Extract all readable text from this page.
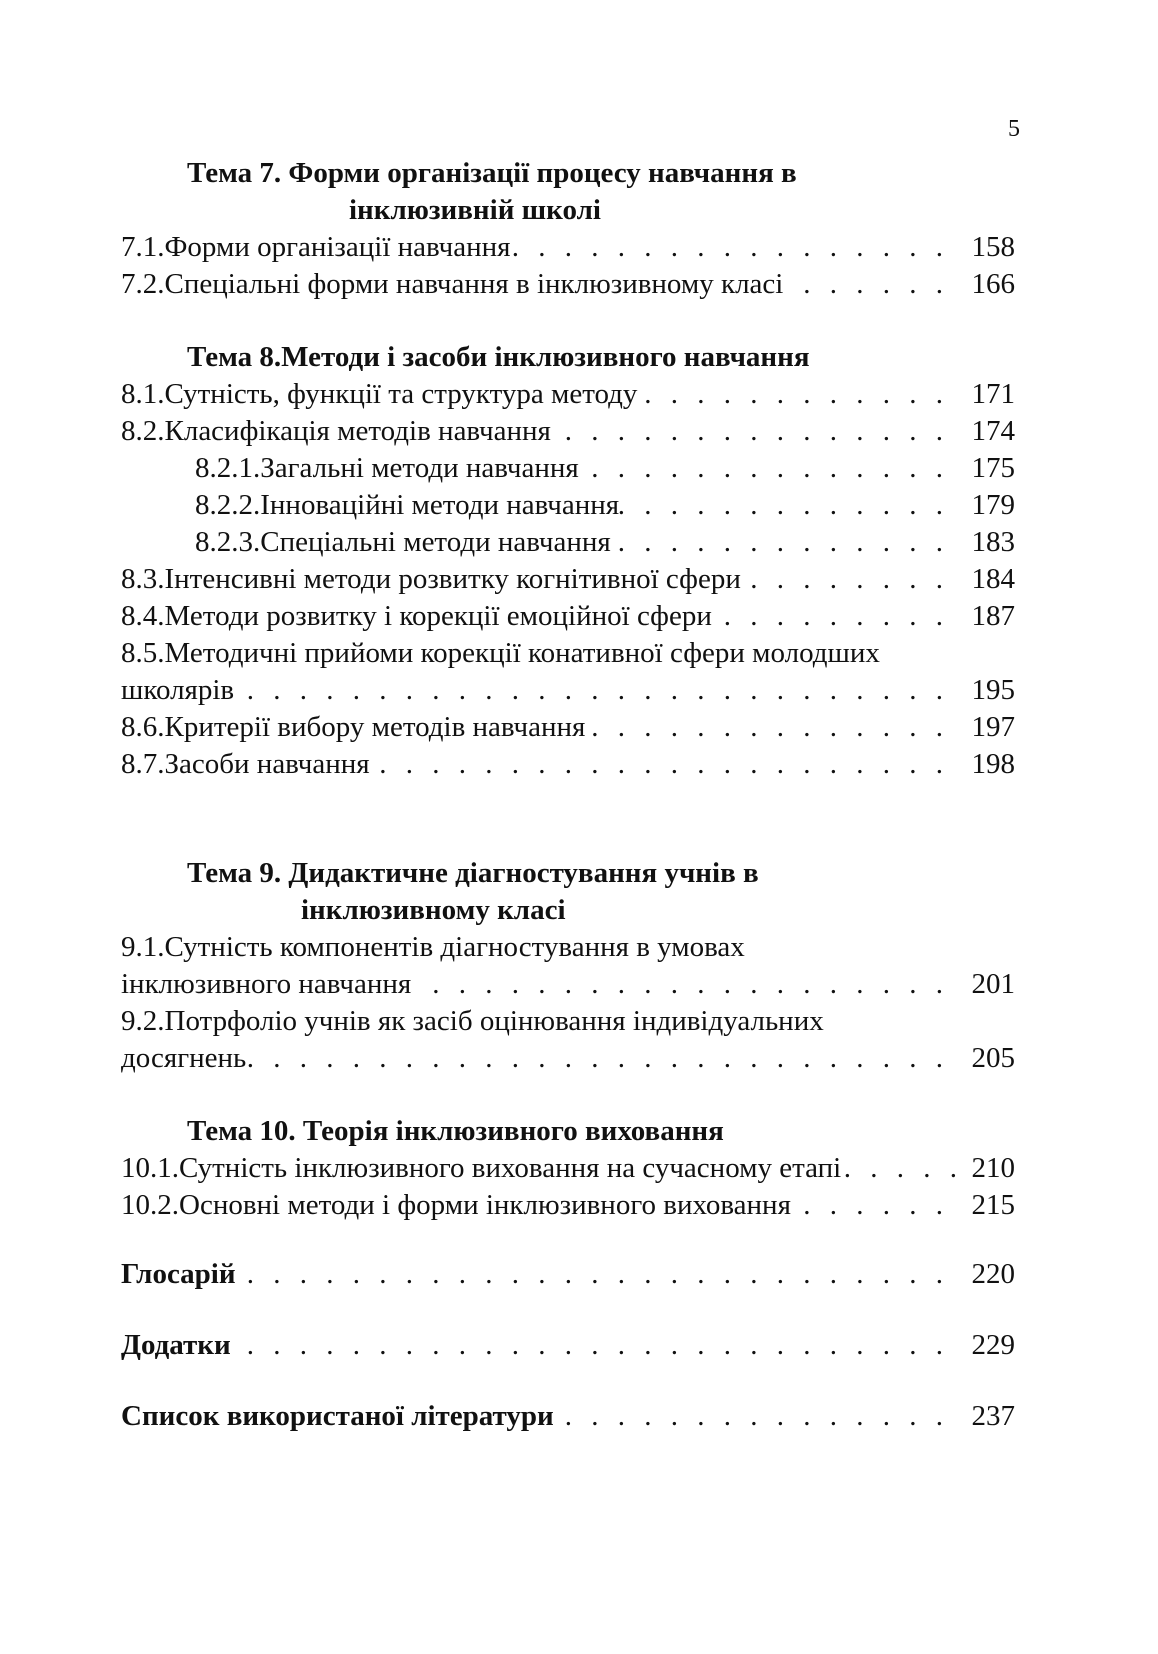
5
Тема 7. Форми організації процесу навчання в
інклюзивній школі
7.1.Форми організації навчання . . .	158
7.2.Спеціальні форми навчання в інклюзивному класі . . .	166
Тема 8.Методи і засоби інклюзивного навчання
8.1.Сутність, функції та структура методу . . .	171
8.2.Класифікація методів навчання . . .	174
8.2.1.Загальні методи навчання . . .	175
8.2.2.Інноваційні методи навчання . . .	179
8.2.3.Спеціальні методи навчання . . .	183
8.3.Інтенсивні методи розвитку когнітивної сфери . . .	184
8.4.Методи розвитку і корекції емоційної сфери . . .	187
8.5.Методичні прийоми корекції конативної сфери молодших
школярів . . .	195
8.6.Критерії вибору методів навчання . . .	197
8.7.Засоби навчання . . .	198
Тема 9. Дидактичне діагностування учнів в
інклюзивному класі
9.1.Сутність компонентів діагностування в умовах
інклюзивного навчання . . .	201
9.2.Потрфоліо учнів як засіб оцінювання індивідуальних
досягнень . . .	205
Тема 10. Теорія інклюзивного виховання
10.1.Сутність інклюзивного виховання на сучасному етапі . . .	210
10.2.Основні методи і форми інклюзивного виховання . . .	215
Глосарій . . .	220
Додатки . . .	229
Список використаної літератури . . .	237
